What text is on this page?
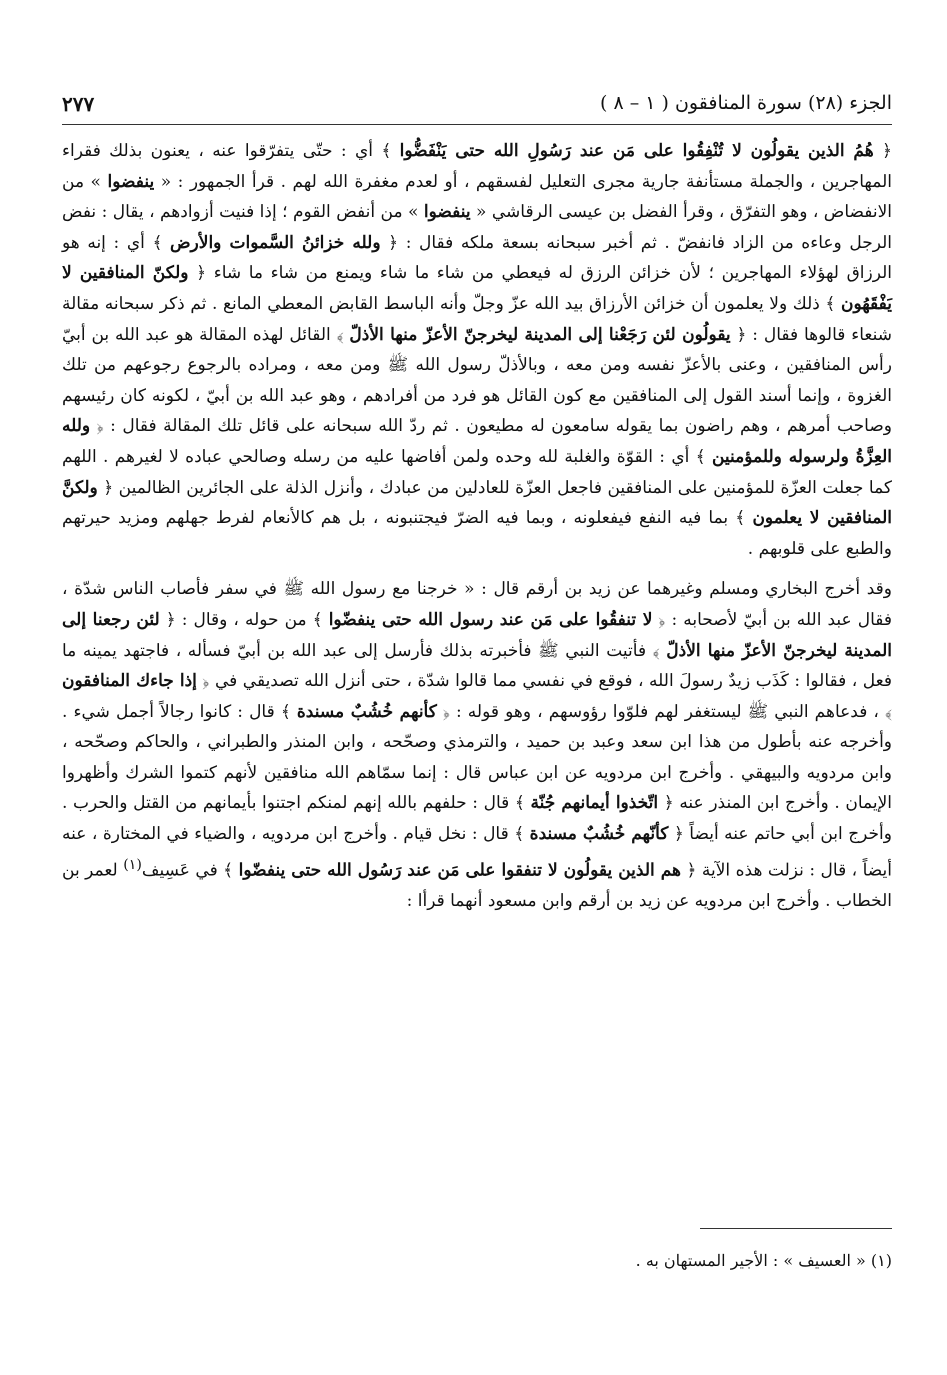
الجزء (٢٨) سورة المنافقون ( ١ – ٨ )
٢٧٧

﴿ هُمُ الذين يقولُون لا تُنْفِقُوا على مَن عند رَسُولِ الله حتى يَنْفَضُّوا ﴾ أي : حتّى يتفرّقوا عنه ، يعنون بذلك فقراء المهاجرين ، والجملة مستأنفة جارية مجرى التعليل لفسقهم ، أو لعدم مغفرة الله لهم . قرأ الجمهور : « ينفضوا » من الانفضاض ، وهو التفرّق ، وقرأ الفضل بن عيسى الرقاشي « ينفضوا » من أنفض القوم ؛ إذا فنيت أزوادهم ، يقال : نفض الرجل وعاءه من الزاد فانفضّ . ثم أخبر سبحانه بسعة ملكه فقال : ﴿ ولله خزائنُ السَّموات والأرض ﴾ أي : إنه هو الرزاق لهؤلاء المهاجرين ؛ لأن خزائن الرزق له فيعطي من شاء ما شاء ويمنع من شاء ما شاء ﴿ ولكنّ المنافقين لا يَفْقَهُون ﴾ ذلك ولا يعلمون أن خزائن الأرزاق بيد الله عزّ وجلّ وأنه الباسط القابض المعطي المانع . ثم ذكر سبحانه مقالة شنعاء قالوها فقال : ﴿ يقولُون لئن رَجَعْنا إلى المدينة ليخرجنّ الأعزّ منها الأذلّ ﴾ القائل لهذه المقالة هو عبد الله بن أبيّ رأس المنافقين ، وعنى بالأعزّ نفسه ومن معه ، وبالأذلّ رسول الله ﷺ ومن معه ، ومراده بالرجوع رجوعهم من تلك الغزوة ، وإنما أسند القول إلى المنافقين مع كون القائل هو فرد من أفرادهم ، وهو عبد الله بن أبيّ ، لكونه كان رئيسهم وصاحب أمرهم ، وهم راضون بما يقوله سامعون له مطيعون . ثم ردّ الله سبحانه على قائل تلك المقالة فقال : ﴿ ولله العِزَّةُ ولرسوله وللمؤمنين ﴾ أي : القوّة والغلبة لله وحده ولمن أفاضها عليه من رسله وصالحي عباده لا لغيرهم . اللهم كما جعلت العزّة للمؤمنين على المنافقين فاجعل العزّة للعادلين من عبادك ، وأنزل الذلة على الجائرين الظالمين ﴿ ولكنَّ المنافقين لا يعلمون ﴾ بما فيه النفع فيفعلونه ، وبما فيه الضرّ فيجتنبونه ، بل هم كالأنعام لفرط جهلهم ومزيد حيرتهم والطبع على قلوبهم .

وقد أخرج البخاري ومسلم وغيرهما عن زيد بن أرقم قال : « خرجنا مع رسول الله ﷺ في سفر فأصاب الناس شدّة ، فقال عبد الله بن أبيّ لأصحابه : ﴿ لا تنفقُوا على مَن عند رسول الله حتى ينفضّوا ﴾ من حوله ، وقال : ﴿ لئن رجعنا إلى المدينة ليخرجنّ الأعزّ منها الأذلّ ﴾ فأتيت النبي ﷺ فأخبرته بذلك فأرسل إلى عبد الله بن أبيّ فسأله ، فاجتهد يمينه ما فعل ، فقالوا : كَذَب زيدٌ رسولَ الله ، فوقع في نفسي مما قالوا شدّة ، حتى أنزل الله تصديقي في ﴿ إذا جاءك المنافقون ﴾ ، فدعاهم النبي ﷺ ليستغفر لهم فلوّوا رؤوسهم ، وهو قوله : ﴿ كأنهم خُشُبٌ مسندة ﴾ قال : كانوا رجالاً أجمل شيء . وأخرجه عنه بأطول من هذا ابن سعد وعبد بن حميد ، والترمذي وصحّحه ، وابن المنذر والطبراني ، والحاكم وصحّحه ، وابن مردويه والبيهقي . وأخرج ابن مردويه عن ابن عباس قال : إنما سمّاهم الله منافقين لأنهم كتموا الشرك وأظهروا الإيمان . وأخرج ابن المنذر عنه ﴿ اتّخذوا أيمانهم جُنّة ﴾ قال : حلفهم بالله إنهم لمنكم اجتنوا بأيمانهم من القتل والحرب . وأخرج ابن أبي حاتم عنه أيضاً ﴿ كأنّهم خُشُبٌ مسندة ﴾ قال : نخل قيام . وأخرج ابن مردويه ، والضياء في المختارة ، عنه أيضاً ، قال : نزلت هذه الآية ﴿ هم الذين يقولُون لا تنفقوا على مَن عند رَسُول الله حتى ينفضّوا ﴾ في عَسِيف$^{(١)}$ لعمر بن الخطاب . وأخرج ابن مردويه عن زيد بن أرقم وابن مسعود أنهما قرأا :

(١) « العسيف » : الأجير المستهان به .
